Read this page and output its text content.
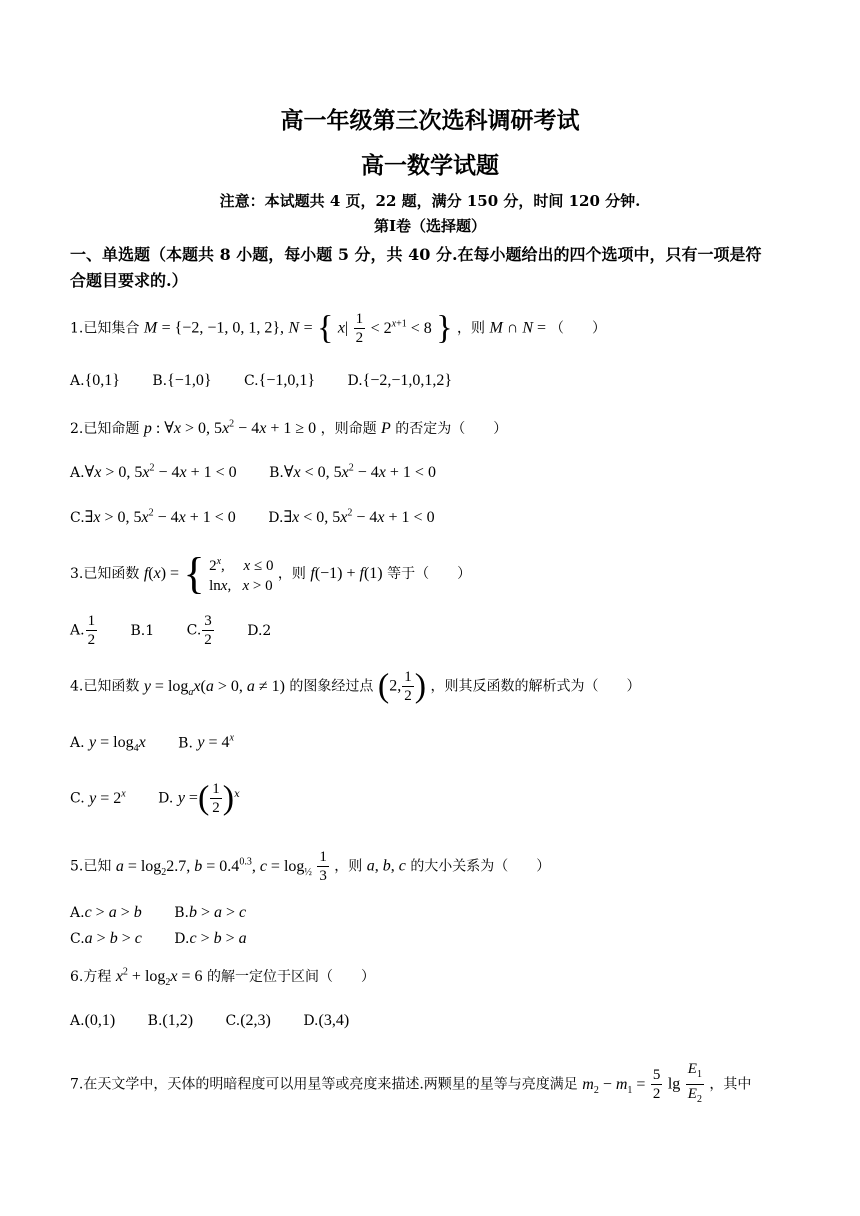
高一年级第三次选科调研考试
高一数学试题
注意：本试题共 4 页，22 题，满分 150 分，时间 120 分钟.
第Ⅰ卷（选择题）
一、单选题（本题共 8 小题，每小题 5 分，共 40 分.在每小题给出的四个选项中，只有一项是符
合题目要求的.）
1.已知集合 M = {−2, −1, 0, 1, 2}, N = { $x| \frac{1}{2} < 2^{x+1} < 8$ } ，则 M ∩ N = （　　）
A.{0,1} B.{−1,0} C.{−1,0,1} D.{−2,−1,0,1,2}
2.已知命题 p : ∀x > 0, $5x^2 - 4x + 1 \ge 0$ ，则命题 P 的否定为（　　）
A.∀x > 0, $5x^2 - 4x + 1 < 0$ B.∀x < 0, $5x^2 - 4x + 1 < 0$
C.∃x > 0, $5x^2 - 4x + 1 < 0$ D.∃x < 0, $5x^2 - 4x + 1 < 0$
3.已知函数 f(x) = { 2$^x$,     x ≤ 0
lnx,   x > 0
，则 f(−1) + f(1) 等于（　　）
A. $\frac{1}{2} B.1$ C. $\frac{3}{2} D.2$
4.已知函数 $y = \log_ax(a > 0$, a ≠ 1) 的图象经过点 (2, $\frac{1}{2}$ ) ，则其反函数的解析式为（　　）
A. $y = \log_4x$ B. $y = 4^x$
C. $y = 2^x$ D. y =( $\frac{1}{2} )^x$
5.已知 $a = \log_22.7$, $b = 0.4^{0.3}$, $c = \log_{\frac{1}{2}} \frac{1}{3}$ ，则 a, b, c 的大小关系为（　　）
A.c > a > b B.b > a > c
C.a > b > c D.c > b > a
6.方程 $x^2 + \log_2x = 6$ 的解一定位于区间（　　）
A.(0,1) B.(1,2) C.(2,3) D.(3,4)
7.在天文学中，天体的明暗程度可以用星等或亮度来描述.两颗星的星等与亮度满足 $m_2 - m_1 = \frac{5}{2}$ $\lg \frac{E_1}{E_2}$ ，其中
